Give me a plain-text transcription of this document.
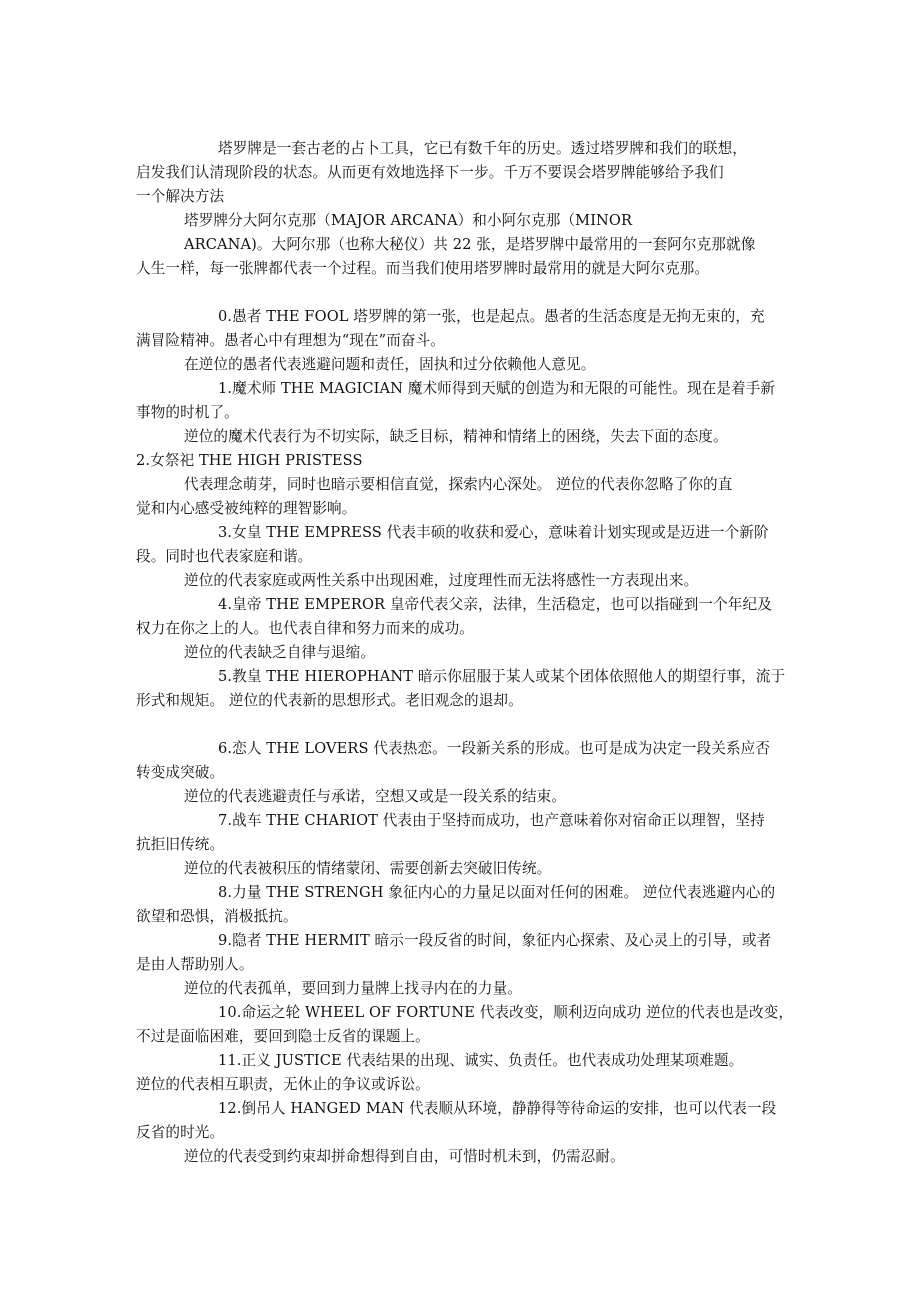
塔罗牌是一套古老的占卜工具，它已有数千年的历史。透过塔罗牌和我们的联想，
启发我们认清现阶段的状态。从而更有效地选择下一步。千万不要误会塔罗牌能够给予我们
一个解决方法
塔罗牌分大阿尔克那（MAJOR ARCANA）和小阿尔克那（MINOR
ARCANA)。大阿尔那（也称大秘仪）共 22 张，是塔罗牌中最常用的一套阿尔克那就像
人生一样，每一张牌都代表一个过程。而当我们使用塔罗牌时最常用的就是大阿尔克那。
0.愚者 THE FOOL 塔罗牌的第一张，也是起点。愚者的生活态度是无拘无束的，充
满冒险精神。愚者心中有理想为“现在”而奋斗。
在逆位的愚者代表逃避问题和责任，固执和过分依赖他人意见。
1.魔术师 THE MAGICIAN 魔术师得到天赋的创造为和无限的可能性。现在是着手新
事物的时机了。
逆位的魔术代表行为不切实际，缺乏目标，精神和情绪上的困绕，失去下面的态度。
2.女祭祀 THE HIGH PRISTESS
代表理念萌芽，同时也暗示要相信直觉，探索内心深处。 逆位的代表你忽略了你的直
觉和内心感受被纯粹的理智影响。
3.女皇 THE EMPRESS 代表丰硕的收获和爱心，意味着计划实现或是迈进一个新阶
段。同时也代表家庭和谐。
逆位的代表家庭或两性关系中出现困难，过度理性而无法将感性一方表现出来。
4.皇帝 THE EMPEROR 皇帝代表父亲，法律，生活稳定，也可以指碰到一个年纪及
权力在你之上的人。也代表自律和努力而来的成功。
逆位的代表缺乏自律与退缩。
5.教皇 THE HIEROPHANT 暗示你屈服于某人或某个团体依照他人的期望行事，流于
形式和规矩。 逆位的代表新的思想形式。老旧观念的退却。
6.恋人 THE LOVERS 代表热恋。一段新关系的形成。也可是成为决定一段关系应否
转变成突破。
逆位的代表逃避责任与承诺，空想又或是一段关系的结束。
7.战车 THE CHARIOT 代表由于坚持而成功，也产意味着你对宿命正以理智，坚持
抗拒旧传统。
逆位的代表被积压的情绪蒙闭、需要创新去突破旧传统。
8.力量 THE STRENGH 象征内心的力量足以面对任何的困难。 逆位代表逃避内心的
欲望和恐惧，消极抵抗。
9.隐者 THE HERMIT 暗示一段反省的时间，象征内心探索、及心灵上的引导，或者
是由人帮助别人。
逆位的代表孤单，要回到力量牌上找寻内在的力量。
10.命运之轮 WHEEL OF FORTUNE 代表改变，顺利迈向成功 逆位的代表也是改变，
不过是面临困难，要回到隐士反省的课题上。
11.正义 JUSTICE 代表结果的出现、诚实、负责任。也代表成功处理某项难题。
逆位的代表相互职责，无休止的争议或诉讼。
12.倒吊人 HANGED MAN 代表顺从环境，静静得等待命运的安排，也可以代表一段
反省的时光。
逆位的代表受到约束却拼命想得到自由，可惜时机未到，仍需忍耐。
